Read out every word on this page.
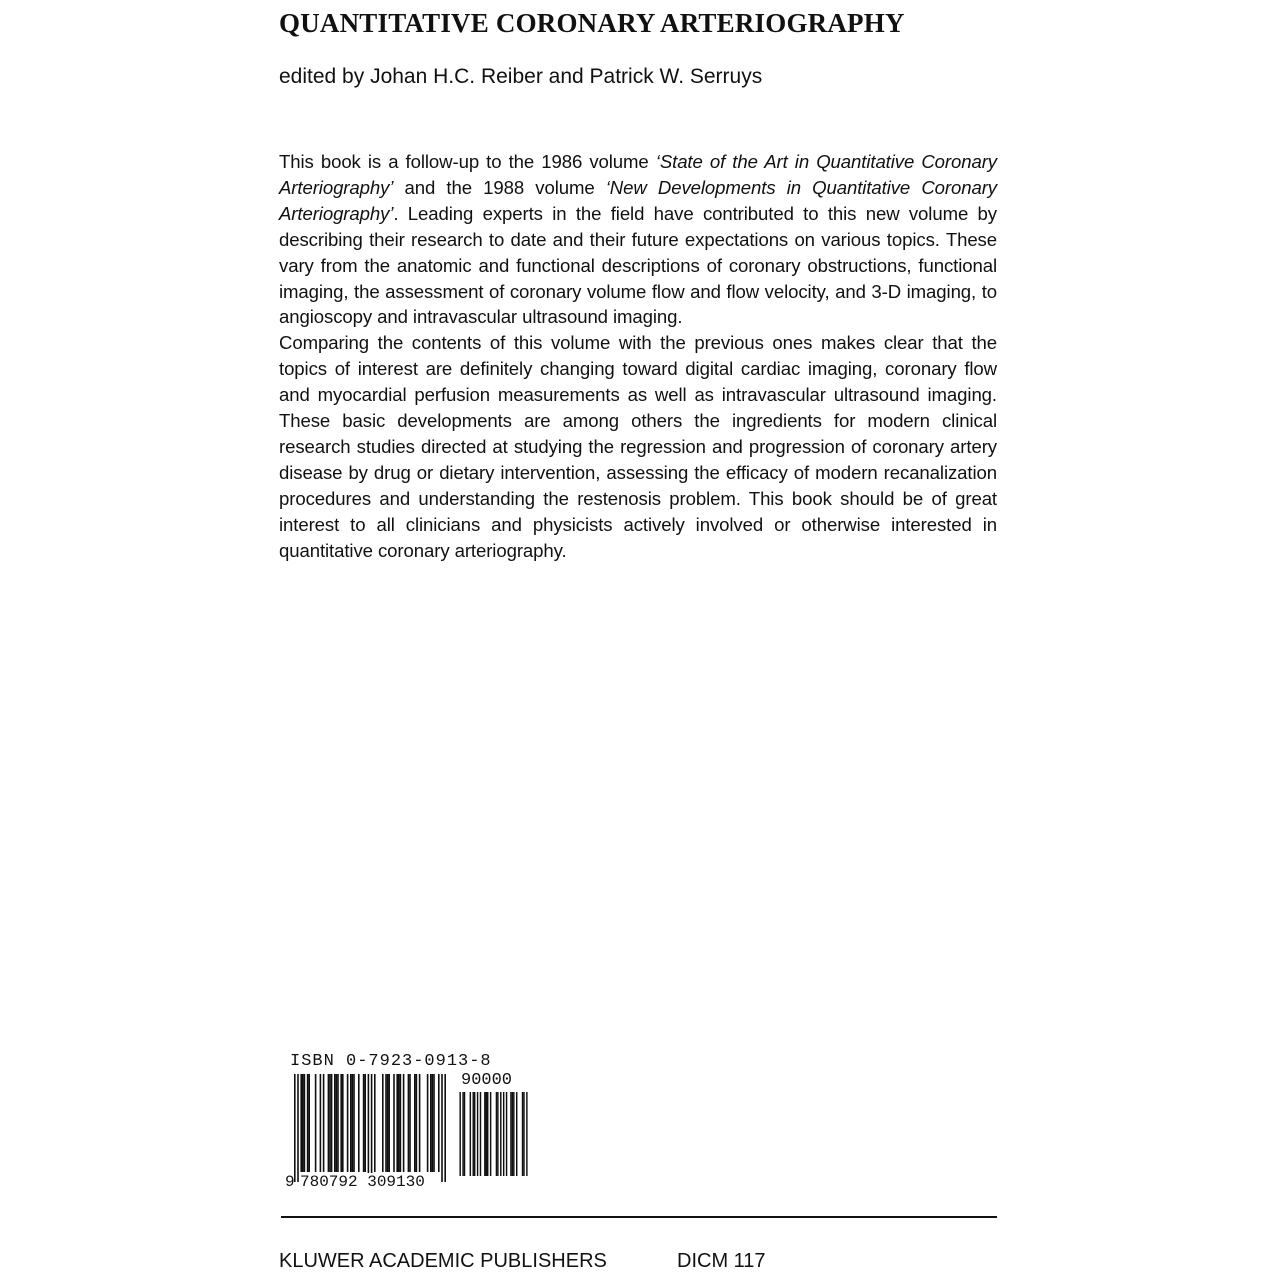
QUANTITATIVE CORONARY ARTERIOGRAPHY

edited by Johan H.C. Reiber and Patrick W. Serruys

This book is a follow-up to the 1986 volume ‘State of the Art in Quantitative Coronary Arteriography’ and the 1988 volume ‘New Developments in Quantitative Coronary Arteriography’. Leading experts in the field have contributed to this new volume by describing their research to date and their future expectations on various topics. These vary from the anatomic and functional descriptions of coronary obstructions, functional imaging, the assessment of coronary volume flow and flow velocity, and 3-D imaging, to angioscopy and intravascular ultrasound imaging.

Comparing the contents of this volume with the previous ones makes clear that the topics of interest are definitely changing toward digital cardiac imaging, coronary flow and myocardial perfusion measurements as well as intravascular ultrasound imaging. These basic developments are among others the ingredients for modern clinical research studies directed at studying the regression and progression of coronary artery disease by drug or dietary intervention, assessing the efficacy of modern recanalization procedures and understanding the restenosis problem. This book should be of great interest to all clinicians and physicists actively involved or otherwise interested in quantitative coronary arteriography.

ISBN 0-7923-0913-8
90000
9 780792 309130
KLUWER ACADEMIC PUBLISHERS	DICM 117
